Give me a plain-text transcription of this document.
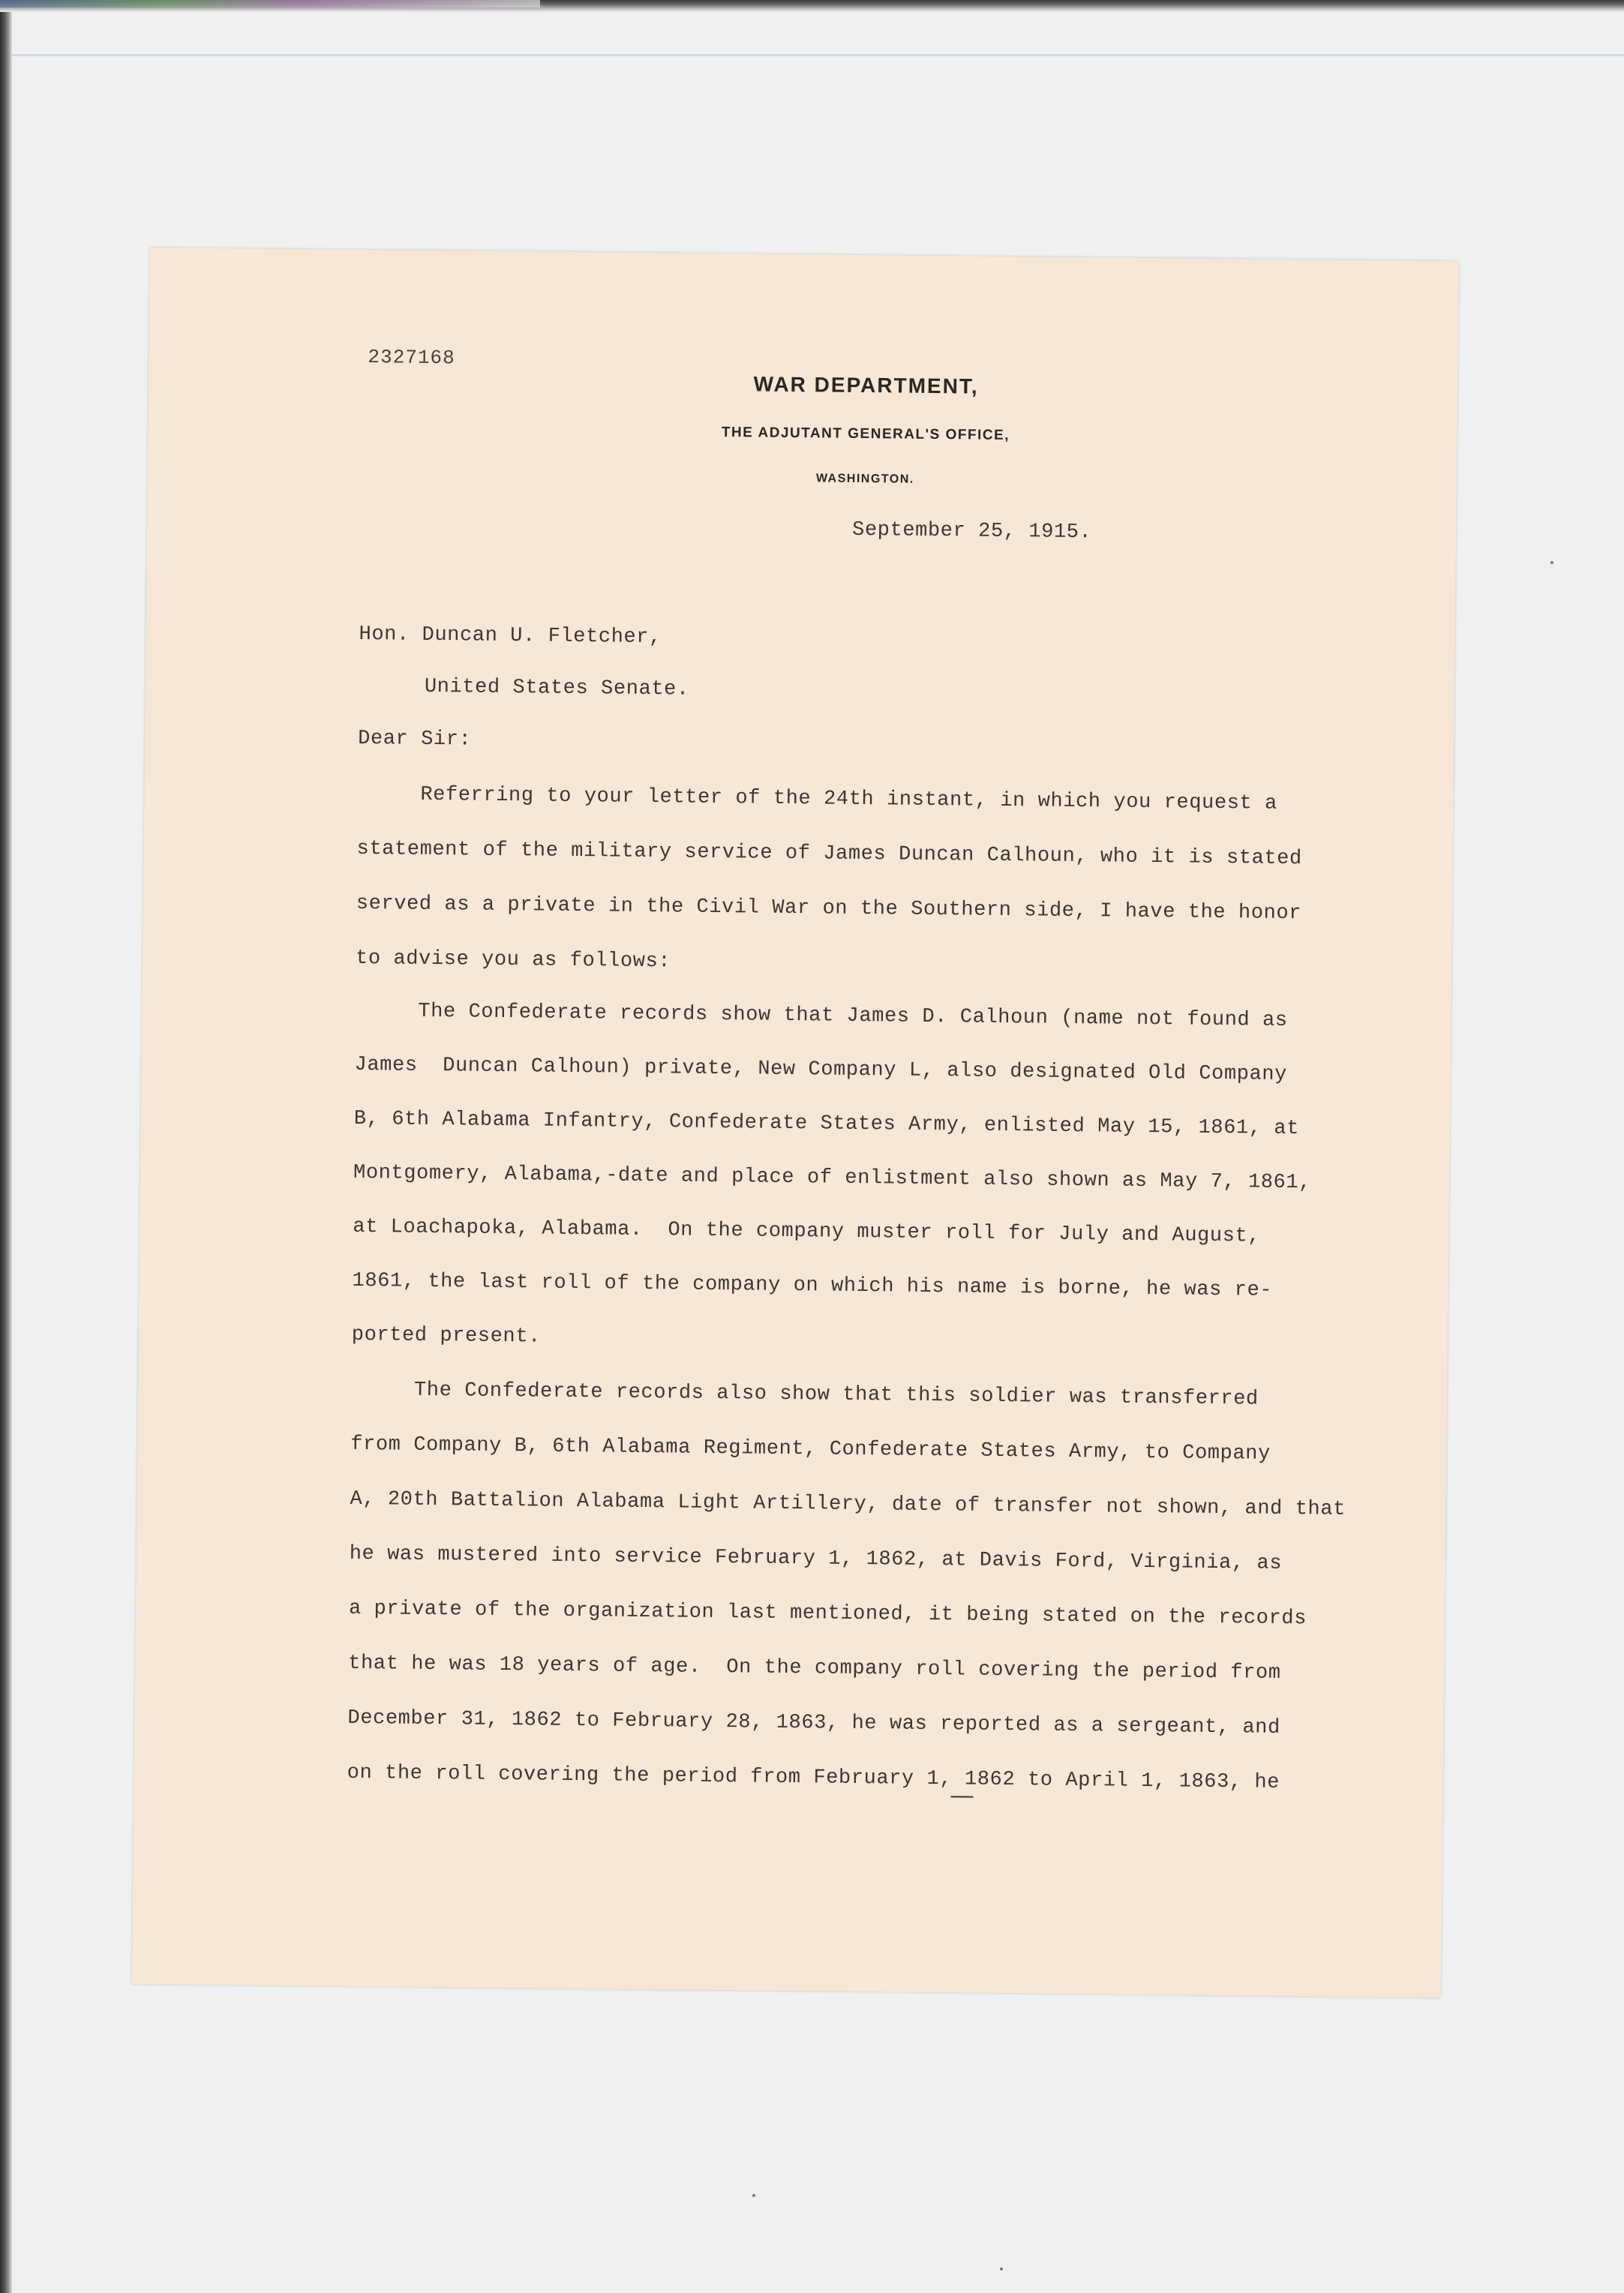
2327168
WAR DEPARTMENT,
THE ADJUTANT GENERAL'S OFFICE,
WASHINGTON.
September 25, 1915.
Hon. Duncan U. Fletcher,
United States Senate.
Dear Sir:
Referring to your letter of the 24th instant, in which you request a
statement of the military service of James Duncan Calhoun, who it is stated
served as a private in the Civil War on the Southern side, I have the honor
to advise you as follows:
The Confederate records show that James D. Calhoun (name not found as
James  Duncan Calhoun) private, New Company L, also designated Old Company
B, 6th Alabama Infantry, Confederate States Army, enlisted May 15, 1861, at
Montgomery, Alabama,-date and place of enlistment also shown as May 7, 1861,
at Loachapoka, Alabama.  On the company muster roll for July and August,
1861, the last roll of the company on which his name is borne, he was re-
ported present.
The Confederate records also show that this soldier was transferred
from Company B, 6th Alabama Regiment, Confederate States Army, to Company
A, 20th Battalion Alabama Light Artillery, date of transfer not shown, and that
he was mustered into service February 1, 1862, at Davis Ford, Virginia, as
a private of the organization last mentioned, it being stated on the records
that he was 18 years of age.  On the company roll covering the period from
December 31, 1862 to February 28, 1863, he was reported as a sergeant, and
on the roll covering the period from February 1, 1862 to April 1, 1863, he
